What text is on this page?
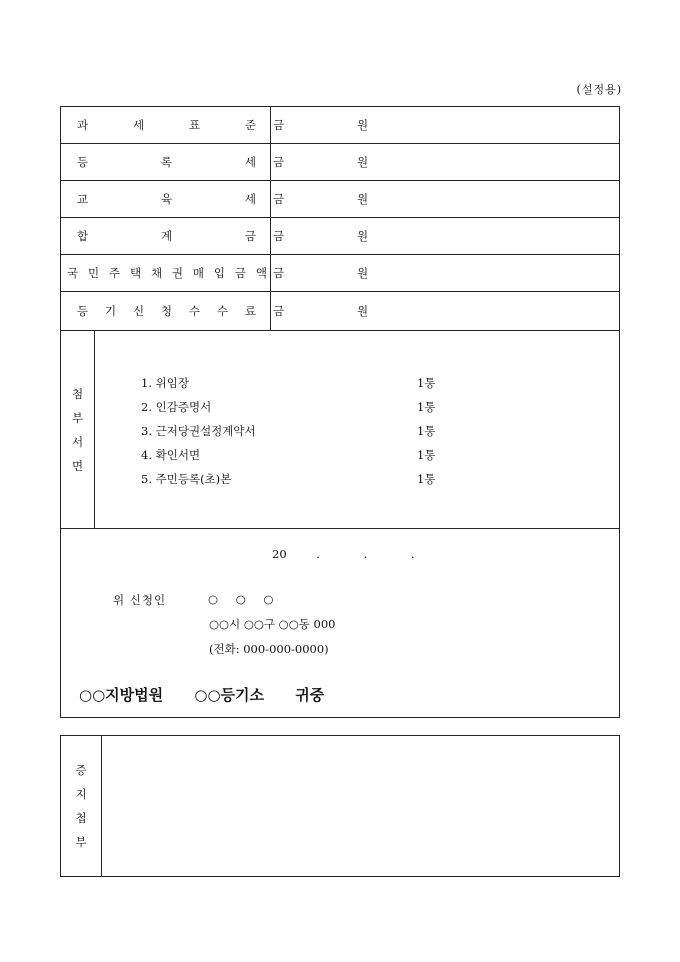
(설정용)
과	세	표	준 금	원
등	록	세 금	원
교	육	세 금	원
합	계	금 금	원
국 민 주 택 채 권 매 입 금 액 금	원
등 기 신 청 수 수 료 금	원
첨
부
서
면
1. 위임장	1통
2. 인감증명서	1통
3. 근저당권설정계약서	1통
4. 확인서면	1통
5. 주민등록(초)본	1통
20	.	.	.
위 신청인	○ ○ ○
○○시 ○○구 ○○동 000
(전화: 000-000-0000)
○○지방법원 ○○등기소 귀중
증
지
첩
부
